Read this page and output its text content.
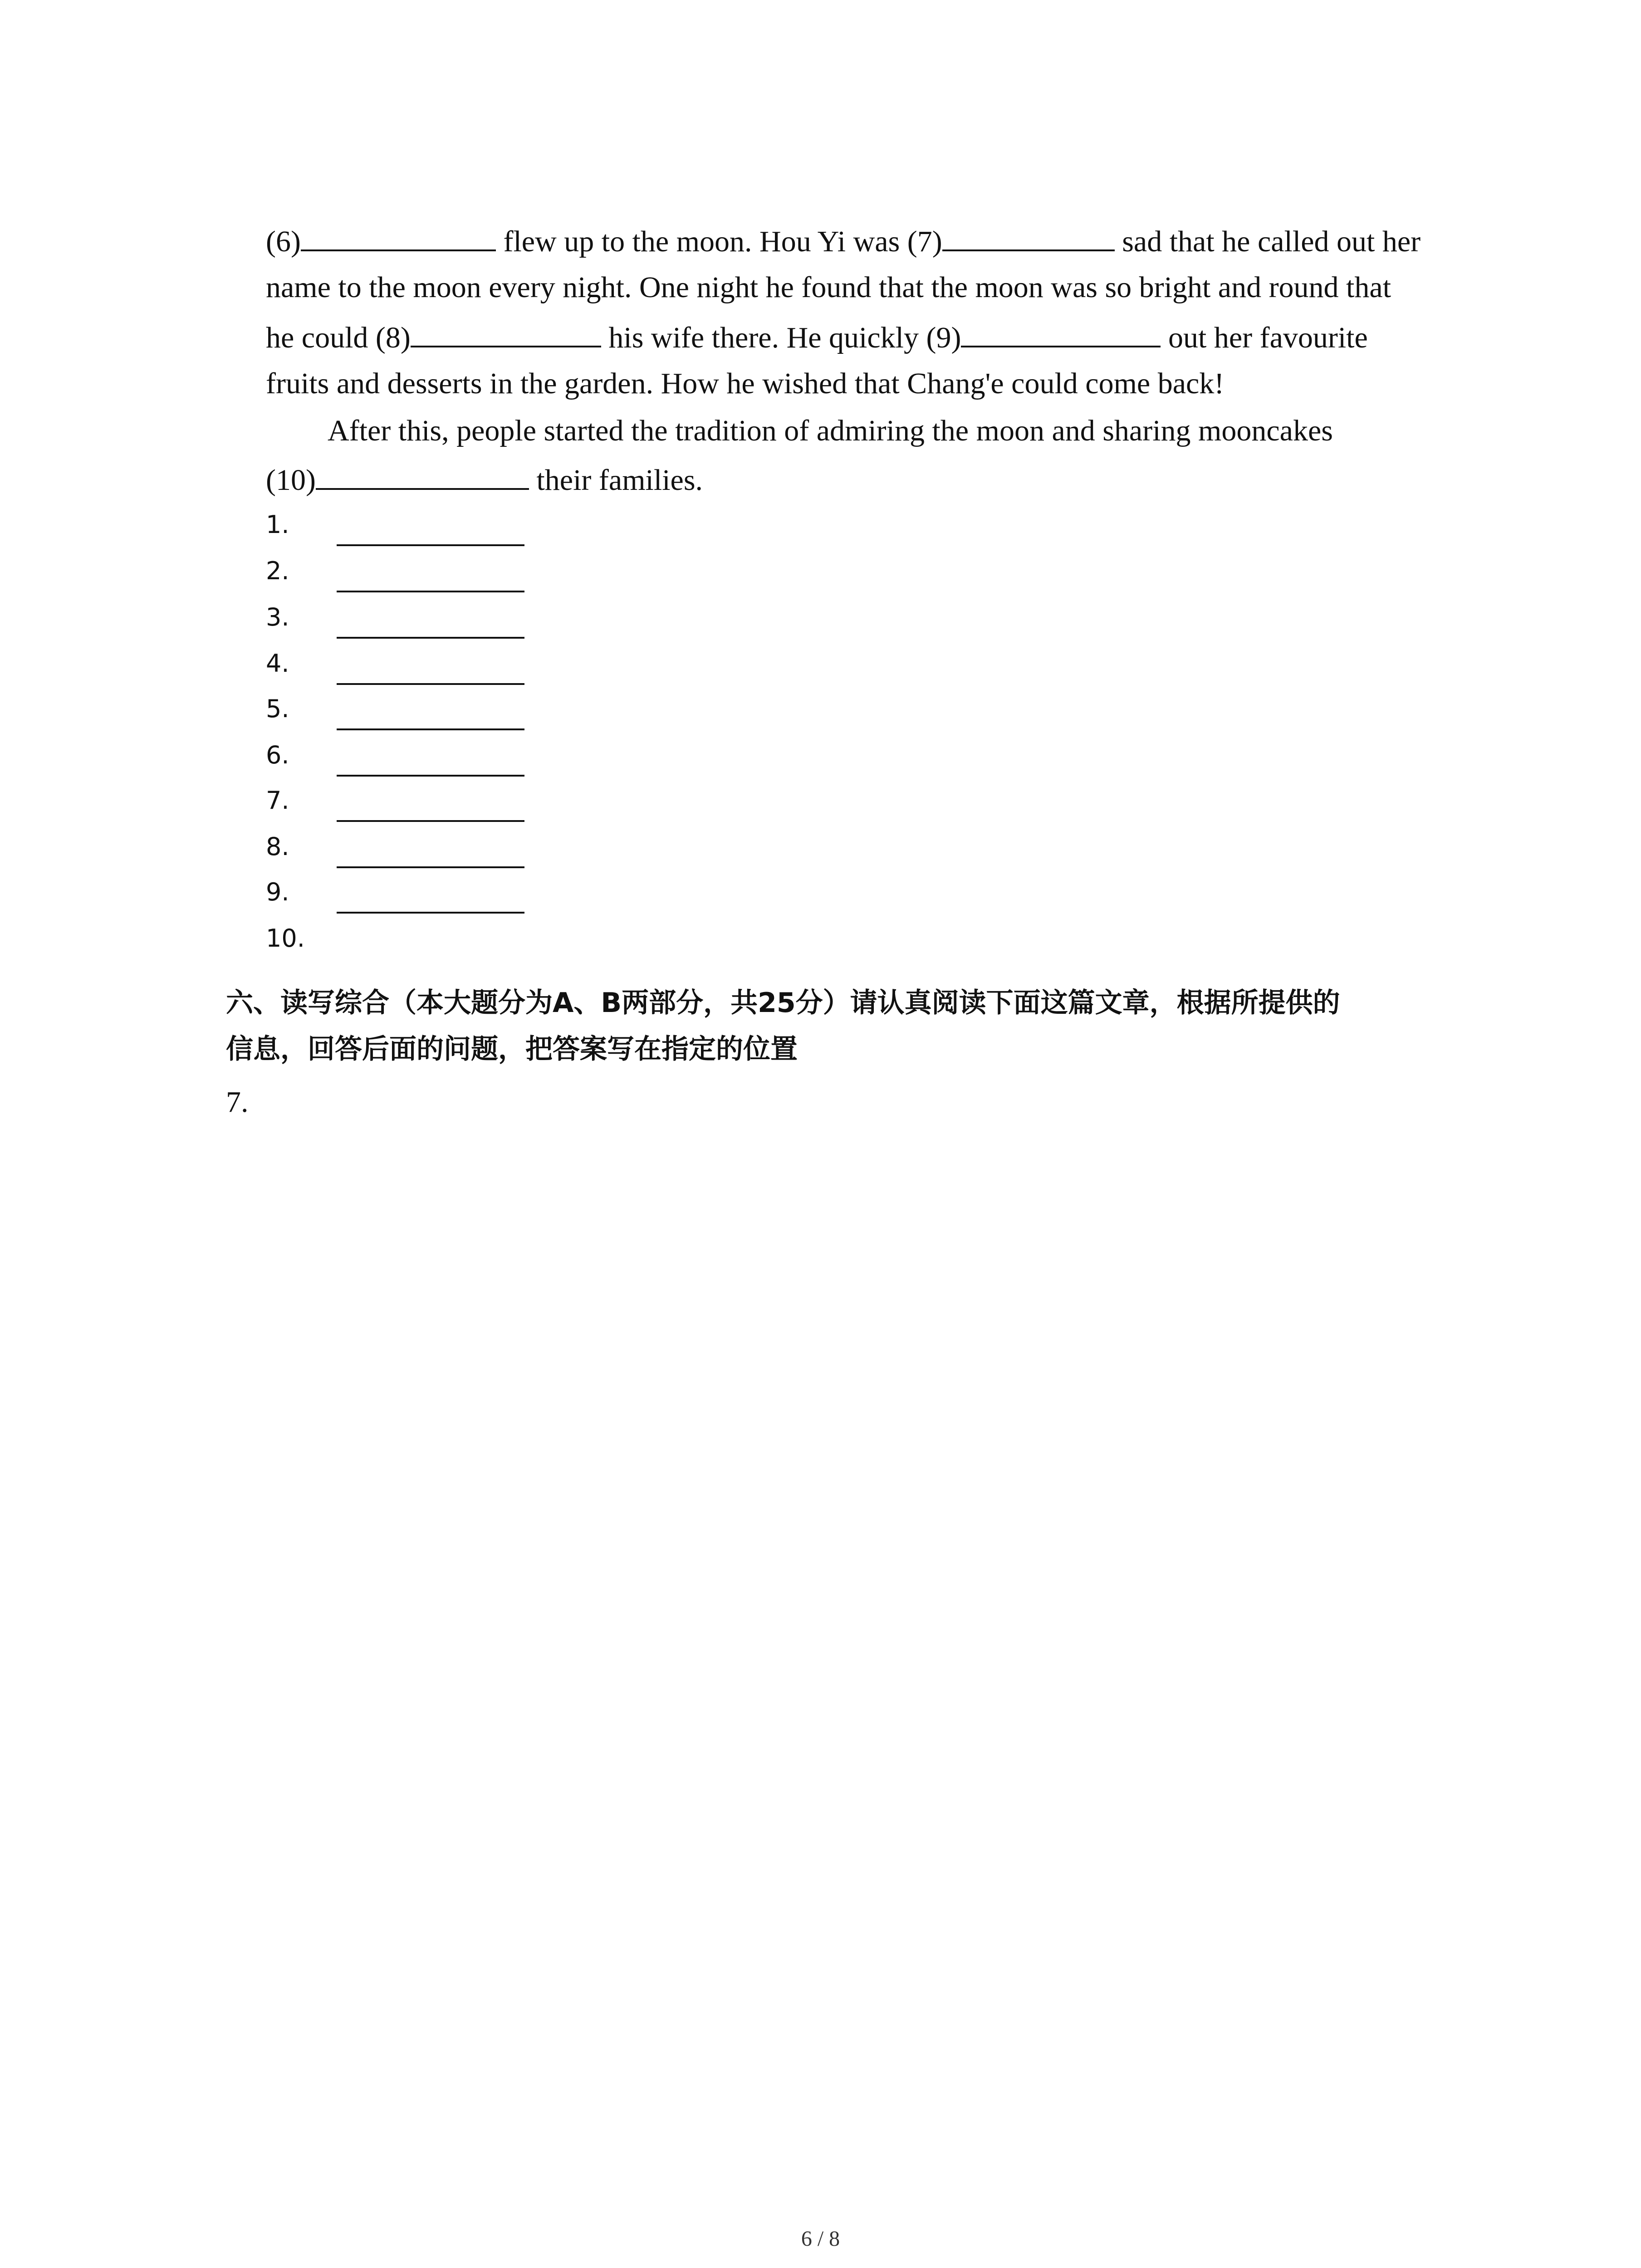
(6)	flew up to the moon. Hou Yi was (7)	sad that he called out her
name to the moon every night. One night he found that the moon was so bright and round that
he could (8)	his wife there. He quickly (9)	out her favourite
fruits and desserts in the garden. How he wished that Chang'e could come back!
After this, people started the tradition of admiring the moon and sharing mooncakes
(10)	their families.
1.
2.
3.
4.
5.
6.
7.
8.
9.
10.
六、读写综合（本大题分为A、B两部分，共25分）请认真阅读下面这篇文章，根据所提供的
信息，回答后面的问题，把答案写在指定的位置
7.
6 / 8
